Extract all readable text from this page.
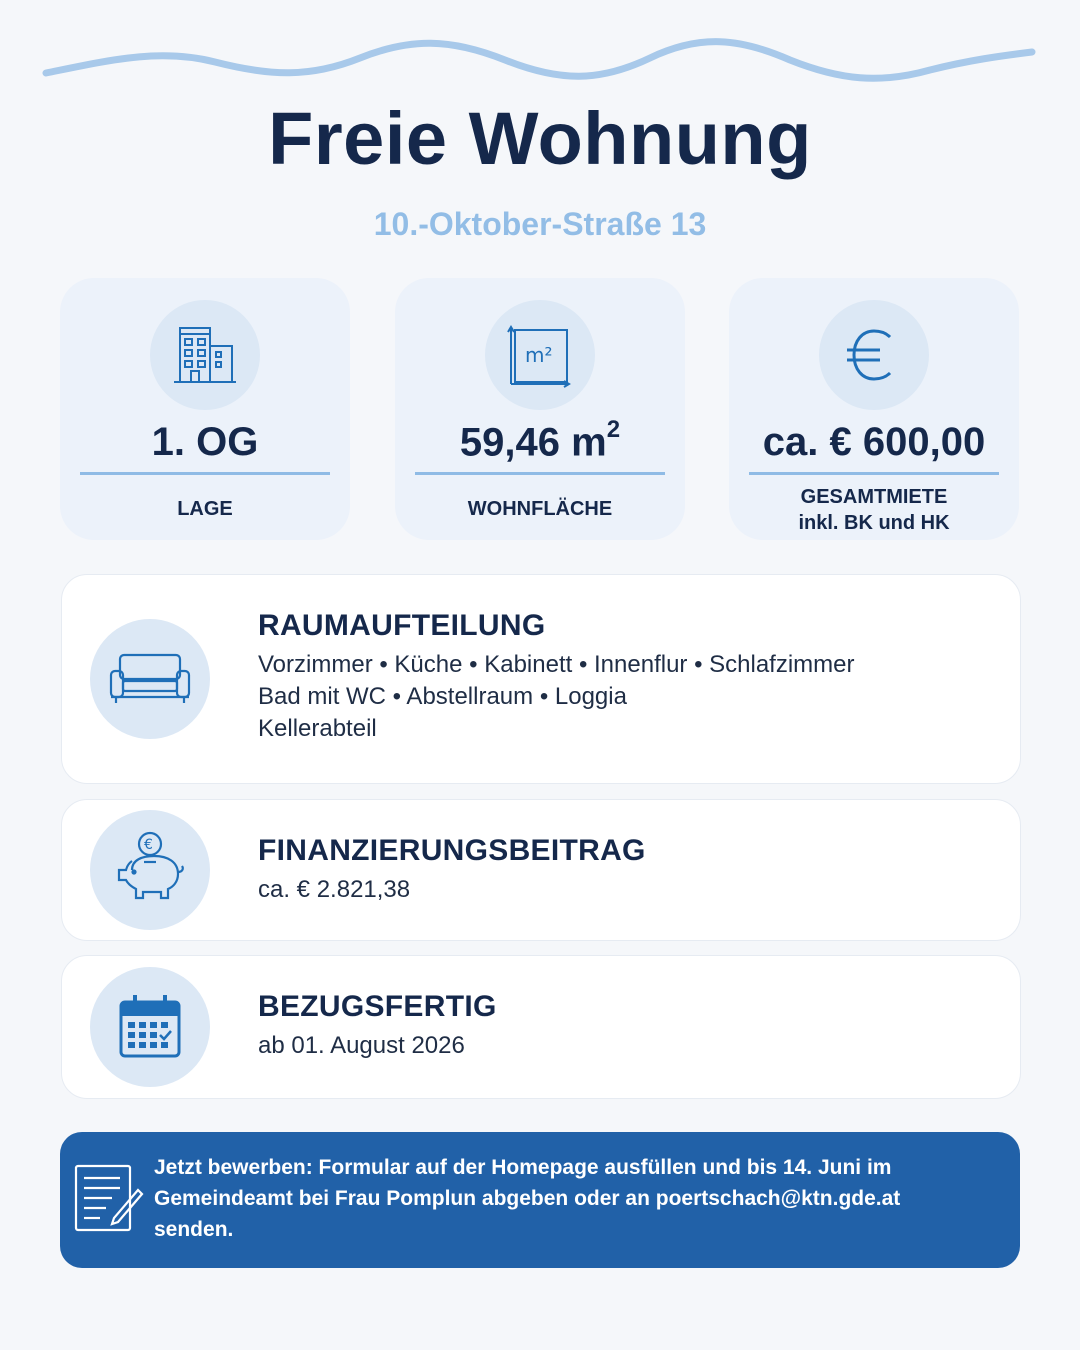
Freie Wohnung
10.-Oktober-Straße 13
1. OG
LAGE
m²
59,46 $m^2$
WOHNFLÄCHE
ca. € 600,00
GESAMTMIETE
inkl. BK und HK
RAUMAUFTEILUNG
Vorzimmer • Küche • Kabinett • Innenflur • Schlafzimmer
Bad mit WC • Abstellraum • Loggia
Kellerabteil
€	FINANZIERUNGSBEITRAG
ca. € 2.821,38
BEZUGSFERTIG
ab 01. August 2026
Jetzt bewerben: Formular auf der Homepage ausfüllen und bis 14. Juni im
Gemeindeamt bei Frau Pomplun abgeben oder an poertschach@ktn.gde.at
senden.
